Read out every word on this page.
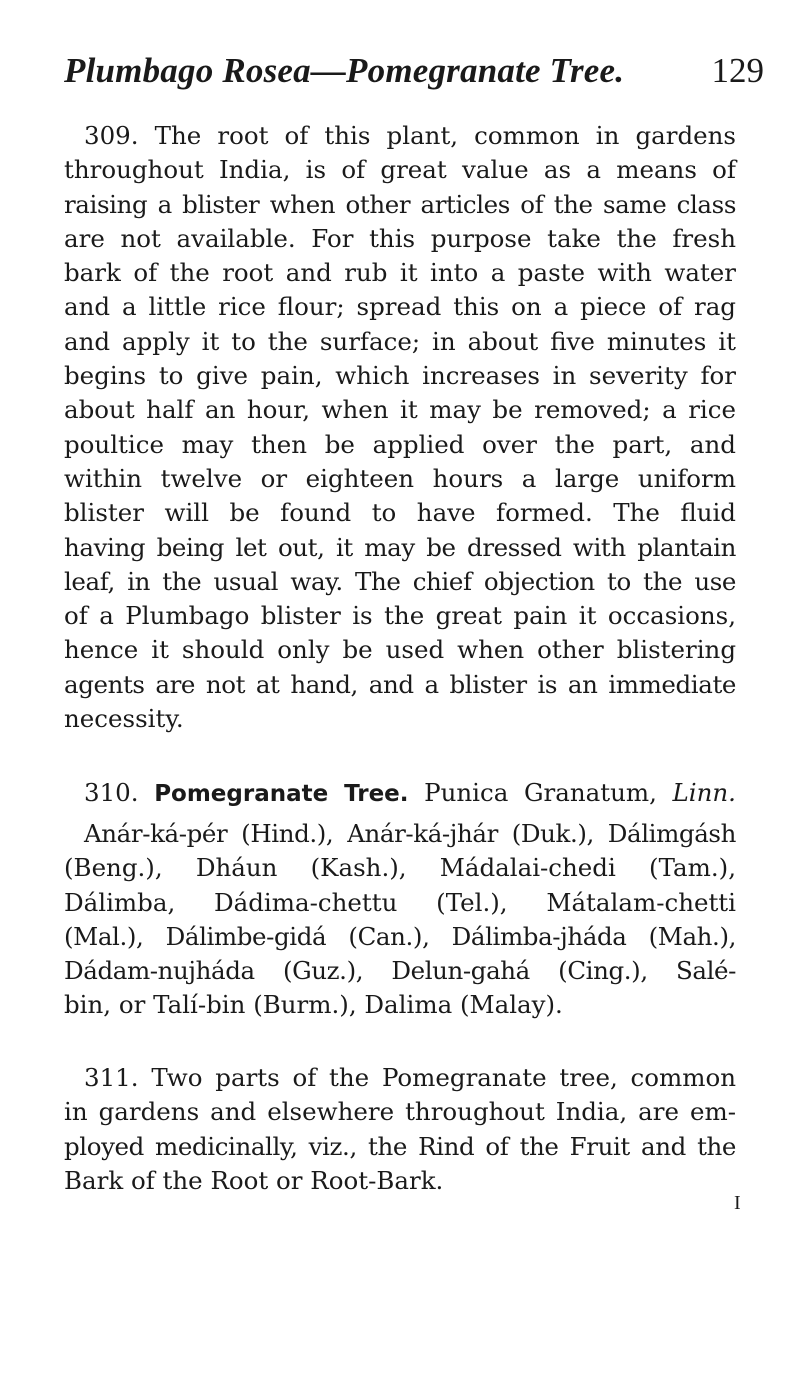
Plumbago Rosea—Pomegranate Tree. 129
309. The root of this plant, common in gardens
throughout India, is of great value as a means of
raising a blister when other articles of the same class
are not available. For this purpose take the fresh
bark of the root and rub it into a paste with water
and a little rice flour; spread this on a piece of rag
and apply it to the surface; in about five minutes it
begins to give pain, which increases in severity for
about half an hour, when it may be removed; a rice
poultice may then be applied over the part, and
within twelve or eighteen hours a large uniform
blister will be found to have formed. The fluid
having being let out, it may be dressed with plantain
leaf, in the usual way. The chief objection to the use
of a Plumbago blister is the great pain it occasions,
hence it should only be used when other blistering
agents are not at hand, and a blister is an immediate
necessity.
310. Pomegranate Tree. Punica Granatum, Linn.
Anár-ká-pér (Hind.), Anár-ká-jhár (Duk.), Dálimgásh
(Beng.), Dháun (Kash.), Mádalai-chedi (Tam.),
Dálimba, Dádima-chettu (Tel.), Mátalam-chetti
(Mal.), Dálimbe-gidá (Can.), Dálimba-jháda (Mah.),
Dádam-nujháda (Guz.), Delun-gahá (Cing.), Salé-
bin, or Talí-bin (Burm.), Dalima (Malay).
311. Two parts of the Pomegranate tree, common
in gardens and elsewhere throughout India, are em-
ployed medicinally, viz., the Rind of the Fruit and the
Bark of the Root or Root-Bark.
I
